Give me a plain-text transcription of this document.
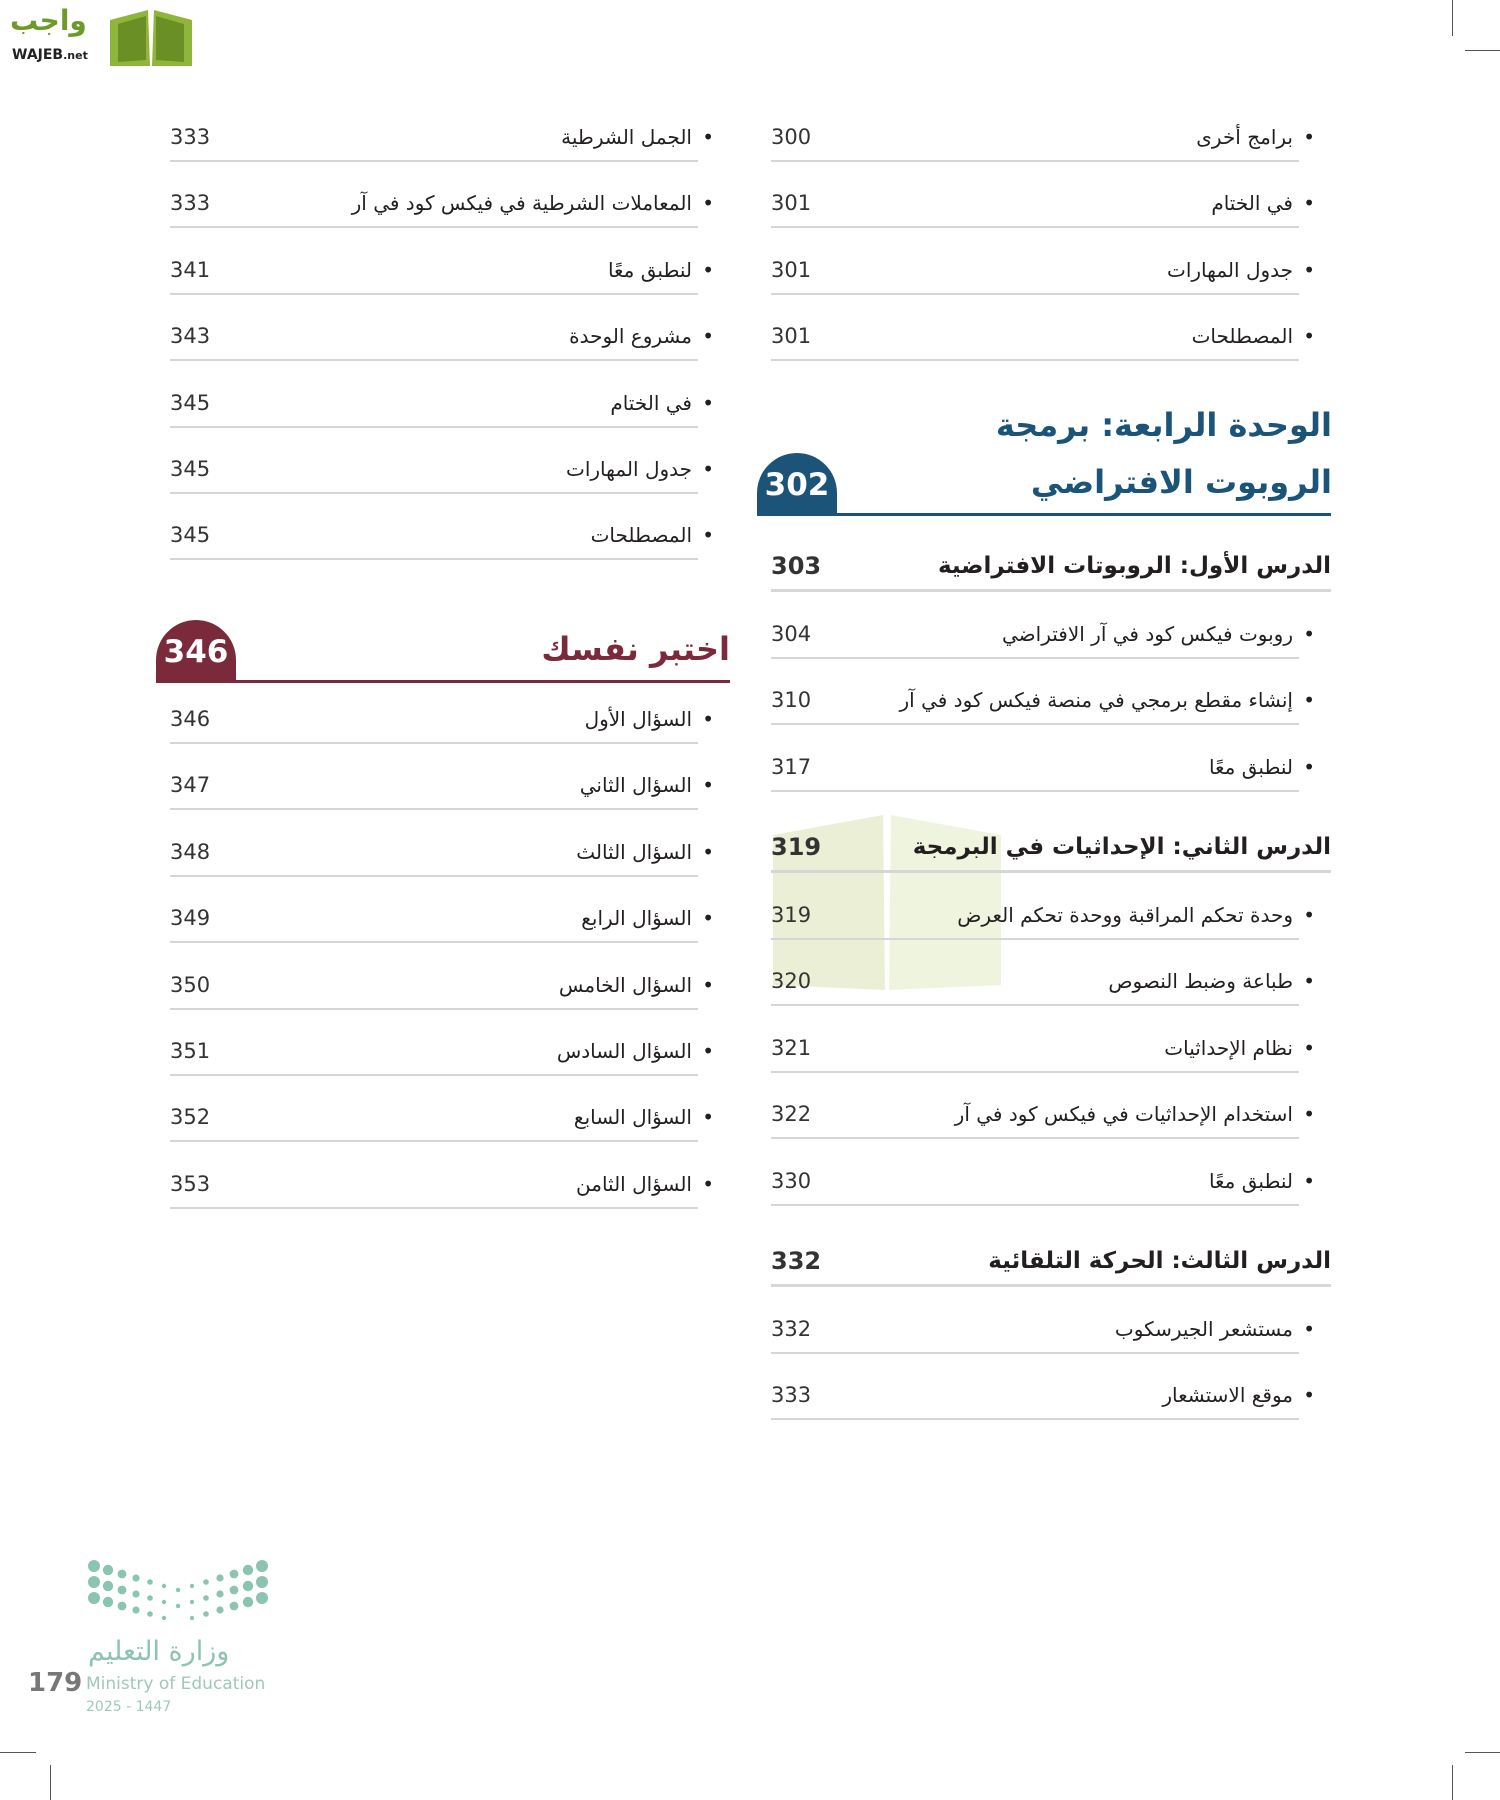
واجب
WAJEB.net
الوحدة الرابعة: برمجة
الروبوت الافتراضي
302
اختبر نفسك
346
•
برامج أخرى
300
•
في الختام
301
•
جدول المهارات
301
•
المصطلحات
301
الدرس الأول: الروبوتات الافتراضية
303
•
روبوت فيكس كود في آر الافتراضي
304
•
إنشاء مقطع برمجي في منصة فيكس كود في آر
310
•
لنطبق معًا
317
الدرس الثاني: الإحداثيات في البرمجة
319
•
وحدة تحكم المراقبة ووحدة تحكم العرض
319
•
طباعة وضبط النصوص
320
•
نظام الإحداثيات
321
•
استخدام الإحداثيات في فيكس كود في آر
322
•
لنطبق معًا
330
الدرس الثالث: الحركة التلقائية
332
•
مستشعر الجيرسكوب
332
•
موقع الاستشعار
333
•
الجمل الشرطية
333
•
المعاملات الشرطية في فيكس كود في آر
333
•
لنطبق معًا
341
•
مشروع الوحدة
343
•
في الختام
345
•
جدول المهارات
345
•
المصطلحات
345
•
السؤال الأول
346
•
السؤال الثاني
347
•
السؤال الثالث
348
•
السؤال الرابع
349
•
السؤال الخامس
350
•
السؤال السادس
351
•
السؤال السابع
352
•
السؤال الثامن
353
وزارة التعليم
Ministry of Education
2025 - 1447
179
